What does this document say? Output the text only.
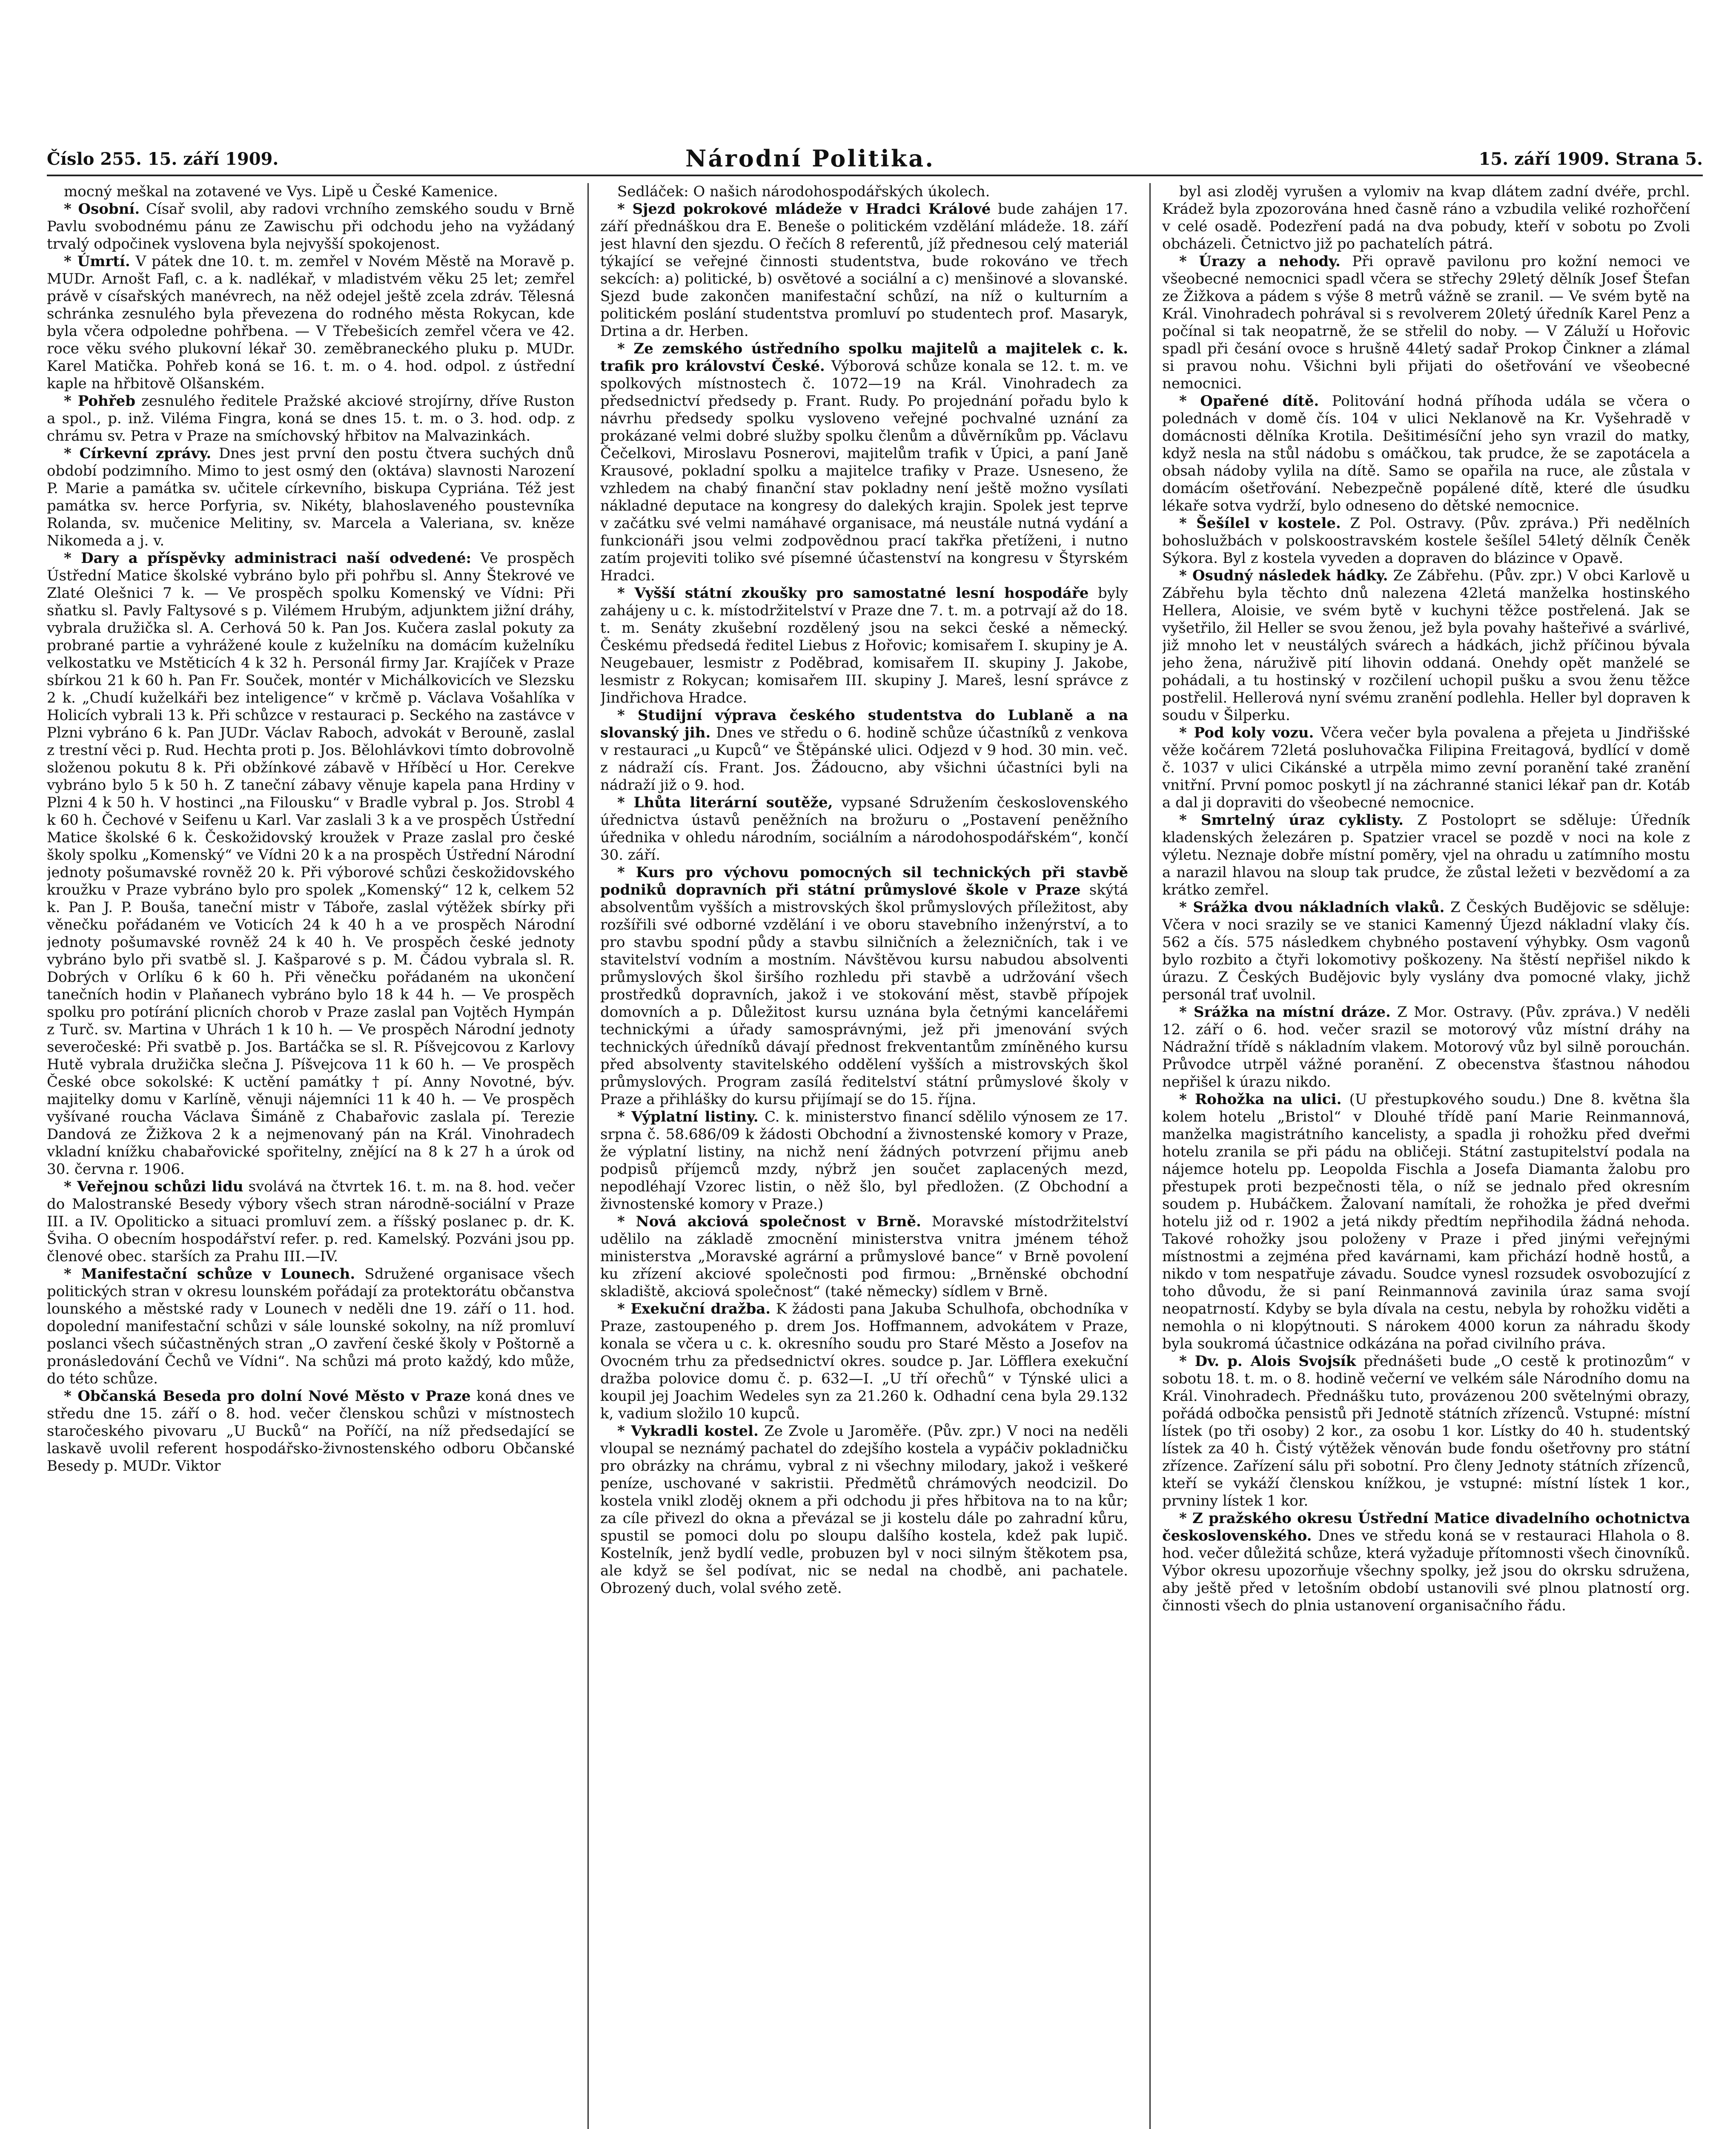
Číslo 255. 15. září 1909.	Národní Politika.	15. září 1909. Strana 5.

mocný meškal na zotavené ve Vys. Lipě u České Kamenice.

* Osobní. Císař svolil, aby radovi vrchního zemského soudu v Brně Pavlu svobodnému pánu ze Zawischu při odchodu jeho na vyžádaný trvalý odpočinek vyslovena byla nejvyšší spokojenost.

* Úmrtí. V pátek dne 10. t. m. zemřel v Novém Městě na Moravě p. MUDr. Arnošt Fafl, c. a k. nadlékař, v mladistvém věku 25 let; zemřel právě v císařských manévrech, na něž odejel ještě zcela zdráv. Tělesná schránka zesnulého byla převezena do rodného města Rokycan, kde byla včera odpoledne pohřbena. — V Třebešicích zemřel včera ve 42. roce věku svého plukovní lékař 30. zeměbraneckého pluku p. MUDr. Karel Matička. Pohřeb koná se 16. t. m. o 4. hod. odpol. z ústřední kaple na hřbitově Olšanském.

* Pohřeb zesnulého ředitele Pražské akciové strojírny, dříve Ruston a spol., p. inž. Viléma Fingra, koná se dnes 15. t. m. o 3. hod. odp. z chrámu sv. Petra v Praze na smíchovský hřbitov na Malvazinkách.

* Církevní zprávy. Dnes jest první den postu čtvera suchých dnů období podzimního. Mimo to jest osmý den (oktáva) slavnosti Narození P. Marie a památka sv. učitele církevního, biskupa Cypriána. Též jest památka sv. herce Porfyria, sv. Nikéty, blahoslaveného poustevníka Rolanda, sv. mučenice Melitiny, sv. Marcela a Valeriana, sv. kněze Nikomeda a j. v.

* Dary a příspěvky administraci naší odvedené: Ve prospěch Ústřední Matice školské vybráno bylo při pohřbu sl. Anny Štekrové ve Zlaté Olešnici 7 k. — Ve prospěch spolku Komenský ve Vídni: Při sňatku sl. Pavly Faltysové s p. Vilémem Hrubým, adjunktem jižní dráhy, vybrala družička sl. A. Cerhová 50 k. Pan Jos. Kučera zaslal pokuty za probrané partie a vyhrážené koule z kuželníku na domácím kuželníku velkostatku ve Mstěticích 4 k 32 h. Personál firmy Jar. Krajíček v Praze sbírkou 21 k 60 h. Pan Fr. Souček, montér v Michálkovicích ve Slezsku 2 k. „Chudí kuželkáři bez inteligence“ v krčmě p. Václava Vošahlíka v Holicích vybrali 13 k. Při schůzce v restauraci p. Seckého na zastávce v Plzni vybráno 6 k. Pan JUDr. Václav Raboch, advokát v Berouně, zaslal z trestní věci p. Rud. Hechta proti p. Jos. Bělohlávkovi tímto dobrovolně složenou pokutu 8 k. Při obžínkové zábavě v Hříběcí u Hor. Cerekve vybráno bylo 5 k 50 h. Z taneční zábavy věnuje kapela pana Hrdiny v Plzni 4 k 50 h. V hostinci „na Filousku“ v Bradle vybral p. Jos. Strobl 4 k 60 h. Čechové v Seifenu u Karl. Var zaslali 3 k a ve prospěch Ústřední Matice školské 6 k. Českožidovský kroužek v Praze zaslal pro české školy spolku „Komenský“ ve Vídni 20 k a na prospěch Ústřední Národní jednoty pošumavské rovněž 20 k. Při výborové schůzi českožidovského kroužku v Praze vybráno bylo pro spolek „Komenský“ 12 k, celkem 52 k. Pan J. P. Bouša, taneční mistr v Táboře, zaslal výtěžek sbírky při věnečku pořádaném ve Voticích 24 k 40 h a ve prospěch Národní jednoty pošumavské rovněž 24 k 40 h. Ve prospěch české jednoty vybráno bylo při svatbě sl. J. Kašparové s p. M. Čádou vybrala sl. R. Dobrých v Orlíku 6 k 60 h. Při věnečku pořádaném na ukončení tanečních hodin v Plaňanech vybráno bylo 18 k 44 h. — Ve prospěch spolku pro potírání plicních chorob v Praze zaslal pan Vojtěch Hympán z Turč. sv. Martina v Uhrách 1 k 10 h. — Ve prospěch Národní jednoty severočeské: Při svatbě p. Jos. Bartáčka se sl. R. Píšvejcovou z Karlovy Hutě vybrala družička slečna J. Píšvejcova 11 k 60 h. — Ve prospěch České obce sokolské: K uctění památky † pí. Anny Novotné, býv. majitelky domu v Karlíně, věnuji nájemníci 11 k 40 h. — Ve prospěch vyšívané roucha Václava Šimáně z Chabařovic zaslala pí. Terezie Dandová ze Žižkova 2 k a nejmenovaný pán na Král. Vinohradech vkladní knížku chabařovické spořitelny, znějící na 8 k 27 h a úrok od 30. června r. 1906.

* Veřejnou schůzi lidu svolává na čtvrtek 16. t. m. na 8. hod. večer do Malostranské Besedy výbory všech stran národně-sociální v Praze III. a IV. Opoliticko a situaci promluví zem. a říšský poslanec p. dr. K. Šviha. O obecním hospodářství refer. p. red. Kamelský. Pozváni jsou pp. členové obec. starších za Prahu III.—IV.

* Manifestační schůze v Lounech. Sdružené organisace všech politických stran v okresu lounském pořádají za protektorátu občanstva lounského a městské rady v Lounech v neděli dne 19. září o 11. hod. dopolední manifestační schůzi v sále lounské sokolny, na níž promluví poslanci všech súčastněných stran „O zavření české školy v Poštorně a pronásledování Čechů ve Vídni“. Na schůzi má proto každý, kdo může, do této schůze.

* Občanská Beseda pro dolní Nové Město v Praze koná dnes ve středu dne 15. září o 8. hod. večer členskou schůzi v místnostech staročeského pivovaru „U Bucků“ na Poříčí, na níž předsedající se laskavě uvolil referent hospodářsko-živnostenského odboru Občanské Besedy p. MUDr. Viktor

Sedláček: O našich národohospodářských úkolech.

* Sjezd pokrokové mládeže v Hradci Králové bude zahájen 17. září přednáškou dra E. Beneše o politickém vzdělání mládeže. 18. září jest hlavní den sjezdu. O řečích 8 referentů, jíž přednesou celý materiál týkající se veřejné činnosti studentstva, bude rokováno ve třech sekcích: a) politické, b) osvětové a sociální a c) menšinové a slovanské. Sjezd bude zakončen manifestační schůzí, na níž o kulturním a politickém poslání studentstva promluví po studentech prof. Masaryk, Drtina a dr. Herben.

* Ze zemského ústředního spolku majitelů a majitelek c. k. trafik pro království České. Výborová schůze konala se 12. t. m. ve spolkových místnostech č. 1072—19 na Král. Vinohradech za předsednictví předsedy p. Frant. Rudy. Po projednání pořadu bylo k návrhu předsedy spolku vysloveno veřejné pochvalné uznání za prokázané velmi dobré služby spolku členům a důvěrníkům pp. Václavu Čečelkovi, Miroslavu Posnerovi, majitelům trafik v Úpici, a paní Janě Krausové, pokladní spolku a majitelce trafiky v Praze. Usneseno, že vzhledem na chabý finanční stav pokladny není ještě možno vysílati nákladné deputace na kongresy do dalekých krajin. Spolek jest teprve v začátku své velmi namáhavé organisace, má neustále nutná vydání a funkcionáři jsou velmi zodpovědnou prací takřka přetíženi, i nutno zatím projeviti toliko své písemné účastenství na kongresu v Štyrském Hradci.

* Vyšší státní zkoušky pro samostatné lesní hospodáře byly zahájeny u c. k. místodržitelství v Praze dne 7. t. m. a potrvají až do 18. t. m. Senáty zkušební rozdělený jsou na sekci české a německý. Českému předsedá ředitel Liebus z Hořovic; komisařem I. skupiny je A. Neugebauer, lesmistr z Poděbrad, komisařem II. skupiny J. Jakobe, lesmistr z Rokycan; komisařem III. skupiny J. Mareš, lesní správce z Jindřichova Hradce.

* Studijní výprava českého studentstva do Lublaně a na slovanský jih. Dnes ve středu o 6. hodině schůze účastníků z venkova v restauraci „u Kupců“ ve Štěpánské ulici. Odjezd v 9 hod. 30 min. več. z nádraží cís. Frant. Jos. Žádoucno, aby všichni účastníci byli na nádraží již o 9. hod.

* Lhůta literární soutěže, vypsané Sdružením československého úřednictva ústavů peněžních na brožuru o „Postavení peněžního úřednika v ohledu národním, sociálním a národohospodářském“, končí 30. září.

* Kurs pro výchovu pomocných sil technických při stavbě podniků dopravních při státní průmyslové škole v Praze skýtá absolventům vyšších a mistrovských škol průmyslových příležitost, aby rozšířili své odborné vzdělání i ve oboru stavebního inženýrství, a to pro stavbu spodní půdy a stavbu silničních a železničních, tak i ve stavitelství vodním a mostním. Návštěvou kursu nabudou absolventi průmyslových škol širšího rozhledu při stavbě a udržování všech prostředků dopravních, jakož i ve stokování měst, stavbě přípojek domovních a p. Důležitost kursu uznána byla četnými kancelářemi technickými a úřady samosprávnými, jež při jmenování svých technických úředníků dávají přednost frekventantům zmíněného kursu před absolventy stavitelského oddělení vyšších a mistrovských škol průmyslových. Program zasílá ředitelství státní průmyslové školy v Praze a přihlášky do kursu přijímají se do 15. října.

* Výplatní listiny. C. k. ministerstvo financí sdělilo výnosem ze 17. srpna č. 58.686/09 k žádosti Obchodní a živnostenské komory v Praze, že výplatní listiny, na nichž není žádných potvrzení přijmu aneb podpisů příjemců mzdy, nýbrž jen součet zaplacených mezd, nepodléhají Vzorec listin, o něž šlo, byl předložen. (Z Obchodní a živnostenské komory v Praze.)

* Nová akciová společnost v Brně. Moravské místodržitelství udělilo na základě zmocnění ministerstva vnitra jménem téhož ministerstva „Moravské agrární a průmyslové bance“ v Brně povolení ku zřízení akciové společnosti pod firmou: „Brněnské obchodní skladiště, akciová společnost“ (také německy) sídlem v Brně.

* Exekuční dražba. K žádosti pana Jakuba Schulhofa, obchodníka v Praze, zastoupeného p. drem Jos. Hoffmannem, advokátem v Praze, konala se včera u c. k. okresního soudu pro Staré Město a Josefov na Ovocném trhu za předsednictví okres. soudce p. Jar. Löfflera exekuční dražba polovice domu č. p. 632—I. „U tří ořechů“ v Týnské ulici a koupil jej Joachim Wedeles syn za 21.260 k. Odhadní cena byla 29.132 k, vadium složilo 10 kupců.

* Vykradli kostel. Ze Zvole u Jaroměře. (Pův. zpr.) V noci na neděli vloupal se neznámý pachatel do zdejšího kostela a vypáčiv pokladničku pro obrázky na chrámu, vybral z ni všechny milodary, jakož i veškeré peníze, uschované v sakristii. Předmětů chrámových neodcizil. Do kostela vnikl zloděj oknem a při odchodu ji přes hřbitova na to na kůr; za cíle přivezl do okna a převázal se ji kostelu dále po zahradní kůru, spustil se pomoci dolu po sloupu dalšího kostela, kdež pak lupič. Kostelník, jenž bydlí vedle, probuzen byl v noci silným štěkotem psa, ale když se šel podívat, nic se nedal na chodbě, ani pachatele. Obrozený duch, volal svého zetě.

byl asi zloděj vyrušen a vylomiv na kvap dlátem zadní dvéře, prchl. Krádež byla zpozorována hned časně ráno a vzbudila veliké rozhořčení v celé osadě. Podezření padá na dva pobudy, kteří v sobotu po Zvoli obcházeli. Četnictvo již po pachatelích pátrá.

* Úrazy a nehody. Při opravě pavilonu pro kožní nemoci ve všeobecné nemocnici spadl včera se střechy 29letý dělník Josef Štefan ze Žižkova a pádem s výše 8 metrů vážně se zranil. — Ve svém bytě na Král. Vinohradech pohrával si s revolverem 20letý úředník Karel Penz a počínal si tak neopatrně, že se střelil do noby. — V Záluží u Hořovic spadl při česání ovoce s hrušně 44letý sadař Prokop Činkner a zlámal si pravou nohu. Všichni byli přijati do ošetřování ve všeobecné nemocnici.

* Opařené dítě. Politování hodná příhoda udála se včera o polednách v domě čís. 104 v ulici Neklanově na Kr. Vyšehradě v domácnosti dělníka Krotila. Dešitimésíční jeho syn vrazil do matky, když nesla na stůl nádobu s omáčkou, tak prudce, že se zapotácela a obsah nádoby vylila na dítě. Samo se opařila na ruce, ale zůstala v domácím ošetřování. Nebezpečně popálené dítě, které dle úsudku lékaře sotva vydrží, bylo odneseno do dětské nemocnice.

* Šešílel v kostele. Z Pol. Ostravy. (Pův. zpráva.) Při nedělních bohoslužbách v polskoostravském kostele šešílel 54letý dělník Čeněk Sýkora. Byl z kostela vyveden a dopraven do blázince v Opavě.

* Osudný následek hádky. Ze Zábřehu. (Pův. zpr.) V obci Karlově u Zábřehu byla těchto dnů nalezena 42letá manželka hostinského Hellera, Aloisie, ve svém bytě v kuchyni těžce postřelená. Jak se vyšetřilo, žil Heller se svou ženou, jež byla povahy hašteřivé a svárlivé, již mnoho let v neustálých svárech a hádkách, jichž příčinou bývala jeho žena, náruživě pití lihovin oddaná. Onehdy opět manželé se pohádali, a tu hostinský v rozčilení uchopil pušku a svou ženu těžce postřelil. Hellerová nyní svému zranění podlehla. Heller byl dopraven k soudu v Šilperku.

* Pod koly vozu. Včera večer byla povalena a přejeta u Jindřišské věže kočárem 72letá posluhovačka Filipina Freitagová, bydlící v domě č. 1037 v ulici Cikánské a utrpěla mimo zevní poranění také zranění vnitřní. První pomoc poskytl jí na záchranné stanici lékař pan dr. Kotáb a dal ji dopraviti do všeobecné nemocnice.

* Smrtelný úraz cyklisty. Z Postoloprt se sděluje: Úředník kladenských železáren p. Spatzier vracel se pozdě v noci na kole z výletu. Neznaje dobře místní poměry, vjel na ohradu u zatímního mostu a narazil hlavou na sloup tak prudce, že zůstal ležeti v bezvědomí a za krátko zemřel.

* Srážka dvou nákladních vlaků. Z Českých Budějovic se sděluje: Včera v noci srazily se ve stanici Kamenný Újezd nákladní vlaky čís. 562 a čís. 575 následkem chybného postavení výhybky. Osm vagonů bylo rozbito a čtyři lokomotivy poškozeny. Na štěstí nepřišel nikdo k úrazu. Z Českých Budějovic byly vyslány dva pomocné vlaky, jichž personál trať uvolnil.

* Srážka na místní dráze. Z Mor. Ostravy. (Pův. zpráva.) V neděli 12. září o 6. hod. večer srazil se motorový vůz místní dráhy na Nádražní třídě s nákladním vlakem. Motorový vůz byl silně porouchán. Průvodce utrpěl vážné poranění. Z obecenstva šťastnou náhodou nepřišel k úrazu nikdo.

* Rohožka na ulici. (U přestupkového soudu.) Dne 8. května šla kolem hotelu „Bristol“ v Dlouhé třídě paní Marie Reinmannová, manželka magistrátního kancelisty, a spadla ji rohožku před dveřmi hotelu zranila se při pádu na obličeji. Státní zastupitelství podala na nájemce hotelu pp. Leopolda Fischla a Josefa Diamanta žalobu pro přestupek proti bezpečnosti těla, o níž se jednalo před okresním soudem p. Hubáčkem. Žalovaní namítali, že rohožka je před dveřmi hotelu již od r. 1902 a jetá nikdy předtím nepřihodila žádná nehoda. Takové rohožky jsou položeny v Praze i před jinými veřejnými místnostmi a zejména před kavárnami, kam přichází hodně hostů, a nikdo v tom nespatřuje závadu. Soudce vynesl rozsudek osvobozující z toho důvodu, že si paní Reinmannová zavinila úraz sama svojí neopatrností. Kdyby se byla dívala na cestu, nebyla by rohožku viděti a nemohla o ni klopýtnouti. S nárokem 4000 korun za náhradu škody byla soukromá účastnice odkázána na pořad civilního práva.

* Dv. p. Alois Svojsík přednášeti bude „O cestě k protinozům“ v sobotu 18. t. m. o 8. hodině večerní ve velkém sále Národního domu na Král. Vinohradech. Přednášku tuto, provázenou 200 světelnými obrazy, pořádá odbočka pensistů při Jednotě státních zřízenců. Vstupné: místní lístek (po tři osoby) 2 kor., za osobu 1 kor. Lístky do 40 h. studentský lístek za 40 h. Čistý výtěžek věnován bude fondu ošetřovny pro státní zřízence. Zařízení sálu při sobotní. Pro členy Jednoty státních zřízenců, kteří se vykáží členskou knížkou, je vstupné: místní lístek 1 kor., prvniny lístek 1 kor.

* Z pražského okresu Ústřední Matice divadelního ochotnictva československého. Dnes ve středu koná se v restauraci Hlahola o 8. hod. večer důležitá schůze, která vyžaduje přítomnosti všech činovníků. Výbor okresu upozorňuje všechny spolky, jež jsou do okrsku sdružena, aby ještě před v letošním období ustanovili své plnou platností org. činnosti všech do plnia ustanovení organisačního řádu.
